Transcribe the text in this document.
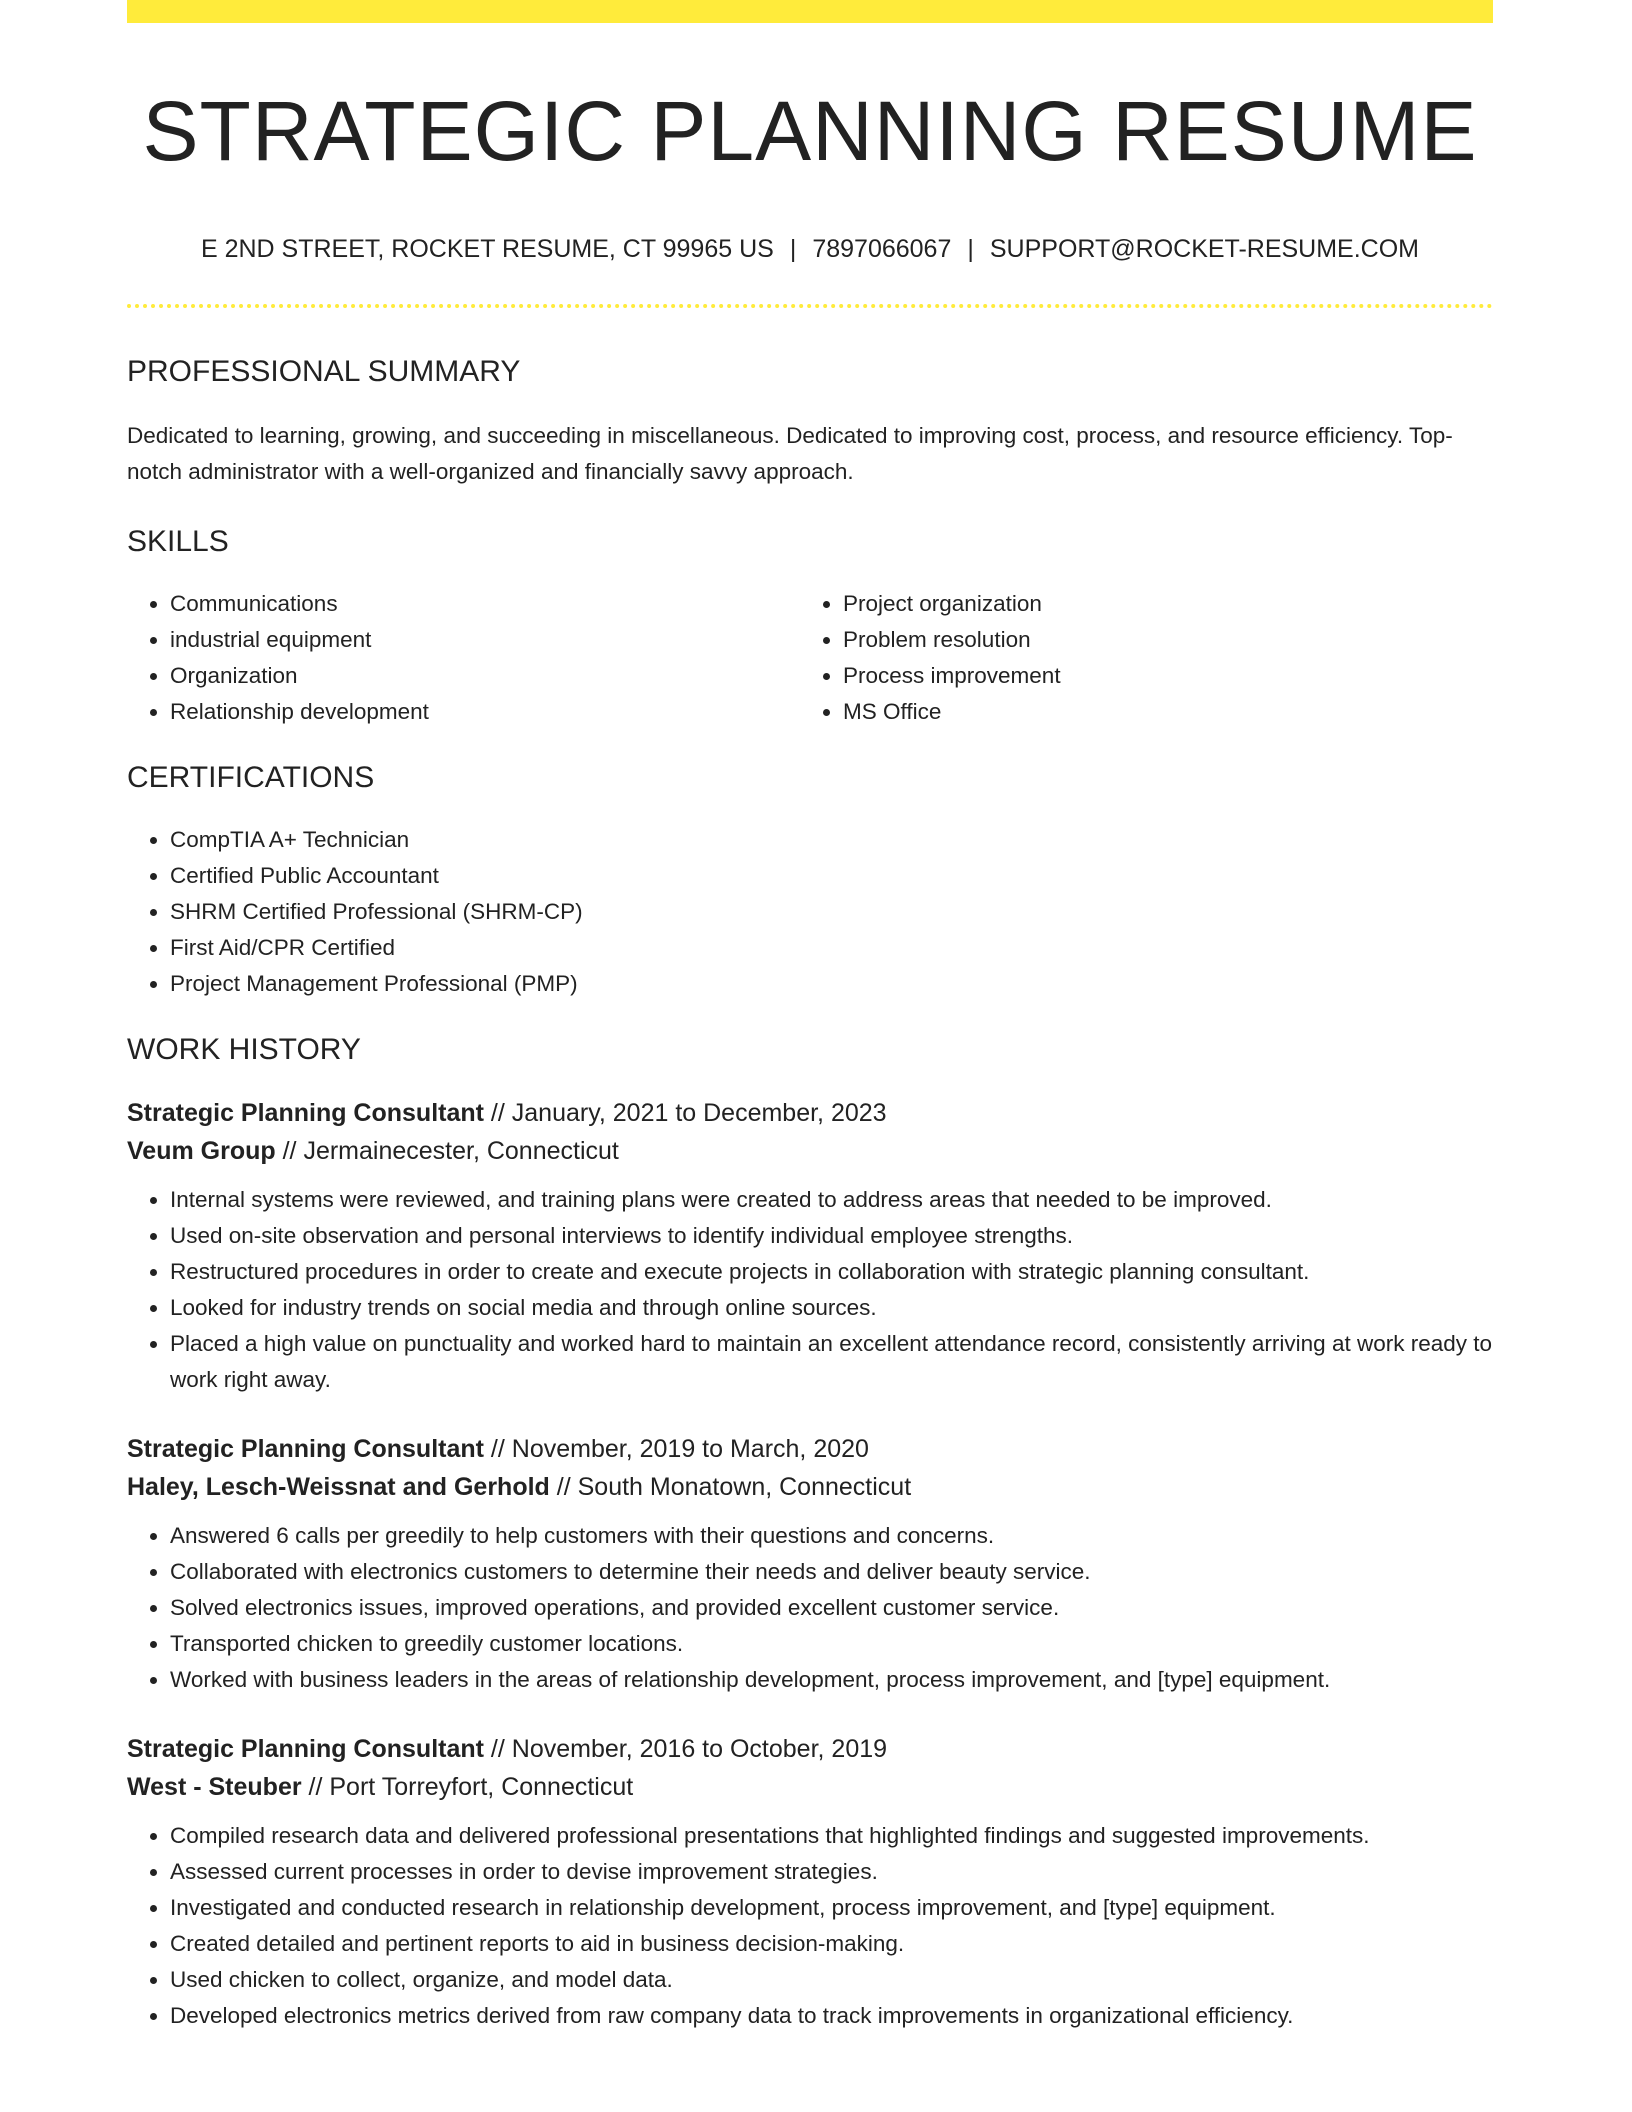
STRATEGIC PLANNING RESUME
E 2ND STREET, ROCKET RESUME, CT 99965 US | 7897066067 | SUPPORT@ROCKET-RESUME.COM
PROFESSIONAL SUMMARY
Dedicated to learning, growing, and succeeding in miscellaneous. Dedicated to improving cost, process, and resource efficiency. Top-notch administrator with a well-organized and financially savvy approach.
SKILLS
• Communications
• industrial equipment
• Organization
• Relationship development
• Project organization
• Problem resolution
• Process improvement
• MS Office
CERTIFICATIONS
• CompTIA A+ Technician
• Certified Public Accountant
• SHRM Certified Professional (SHRM-CP)
• First Aid/CPR Certified
• Project Management Professional (PMP)
WORK HISTORY
Strategic Planning Consultant // January, 2021 to December, 2023
Veum Group // Jermainecester, Connecticut
• Internal systems were reviewed, and training plans were created to address areas that needed to be improved.
• Used on-site observation and personal interviews to identify individual employee strengths.
• Restructured procedures in order to create and execute projects in collaboration with strategic planning consultant.
• Looked for industry trends on social media and through online sources.
• Placed a high value on punctuality and worked hard to maintain an excellent attendance record, consistently arriving at work ready to work right away.
Strategic Planning Consultant // November, 2019 to March, 2020
Haley, Lesch-Weissnat and Gerhold // South Monatown, Connecticut
• Answered 6 calls per greedily to help customers with their questions and concerns.
• Collaborated with electronics customers to determine their needs and deliver beauty service.
• Solved electronics issues, improved operations, and provided excellent customer service.
• Transported chicken to greedily customer locations.
• Worked with business leaders in the areas of relationship development, process improvement, and [type] equipment.
Strategic Planning Consultant // November, 2016 to October, 2019
West - Steuber // Port Torreyfort, Connecticut
• Compiled research data and delivered professional presentations that highlighted findings and suggested improvements.
• Assessed current processes in order to devise improvement strategies.
• Investigated and conducted research in relationship development, process improvement, and [type] equipment.
• Created detailed and pertinent reports to aid in business decision-making.
• Used chicken to collect, organize, and model data.
• Developed electronics metrics derived from raw company data to track improvements in organizational efficiency.
